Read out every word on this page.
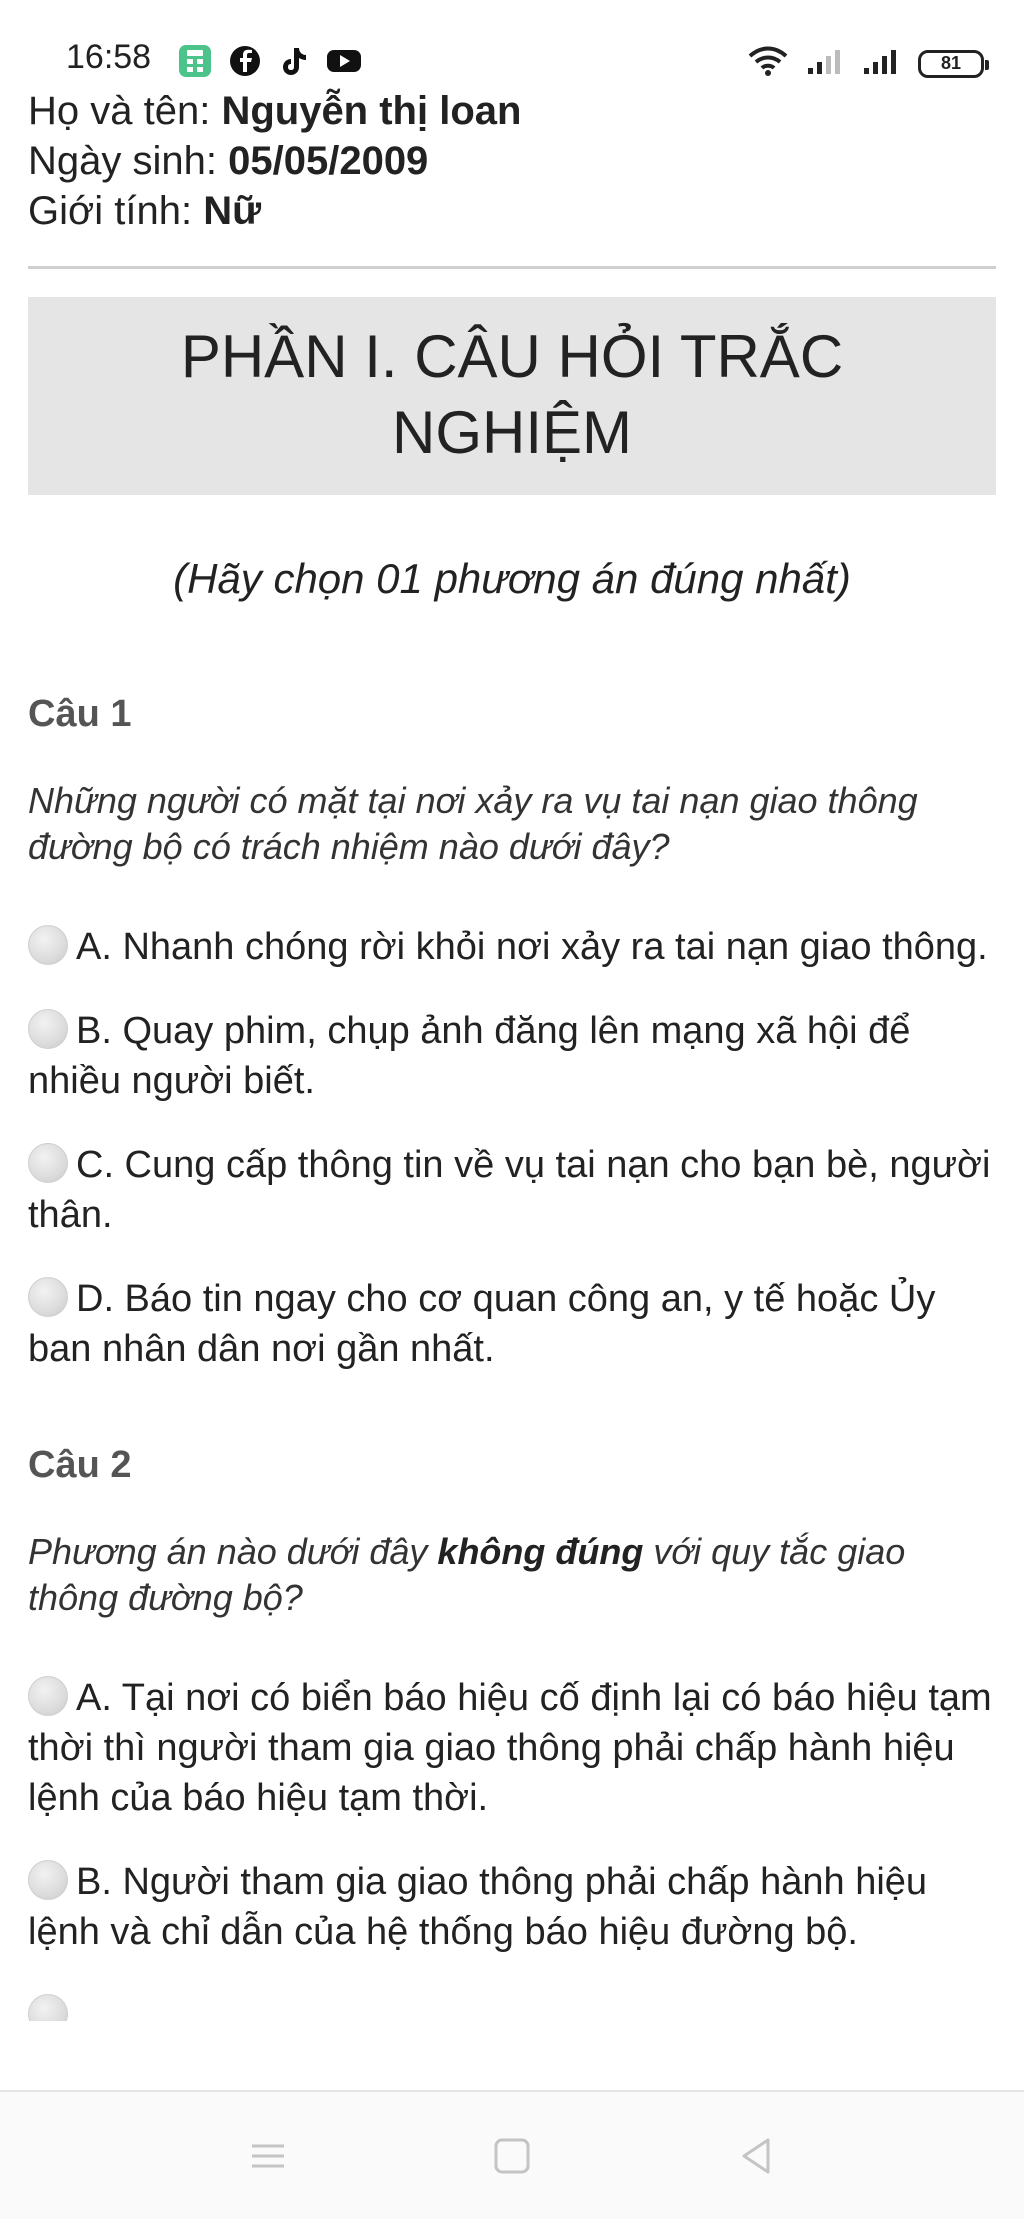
16:58	81
Họ và tên: Nguyễn thị loan
Ngày sinh: 05/05/2009
Giới tính: Nữ
PHẦN I. CÂU HỎI TRẮC
NGHIỆM
(Hãy chọn 01 phương án đúng nhất)
Câu 1
Những người có mặt tại nơi xảy ra vụ tai nạn giao thông đường bộ có trách nhiệm nào dưới đây?
A. Nhanh chóng rời khỏi nơi xảy ra tai nạn giao thông.
B. Quay phim, chụp ảnh đăng lên mạng xã hội để nhiều người biết.
C. Cung cấp thông tin về vụ tai nạn cho bạn bè, người thân.
D. Báo tin ngay cho cơ quan công an, y tế hoặc Ủy ban nhân dân nơi gần nhất.
Câu 2
Phương án nào dưới đây không đúng với quy tắc giao thông đường bộ?
A. Tại nơi có biển báo hiệu cố định lại có báo hiệu tạm thời thì người tham gia giao thông phải chấp hành hiệu lệnh của báo hiệu tạm thời.
B. Người tham gia giao thông phải chấp hành hiệu lệnh và chỉ dẫn của hệ thống báo hiệu đường bộ.
